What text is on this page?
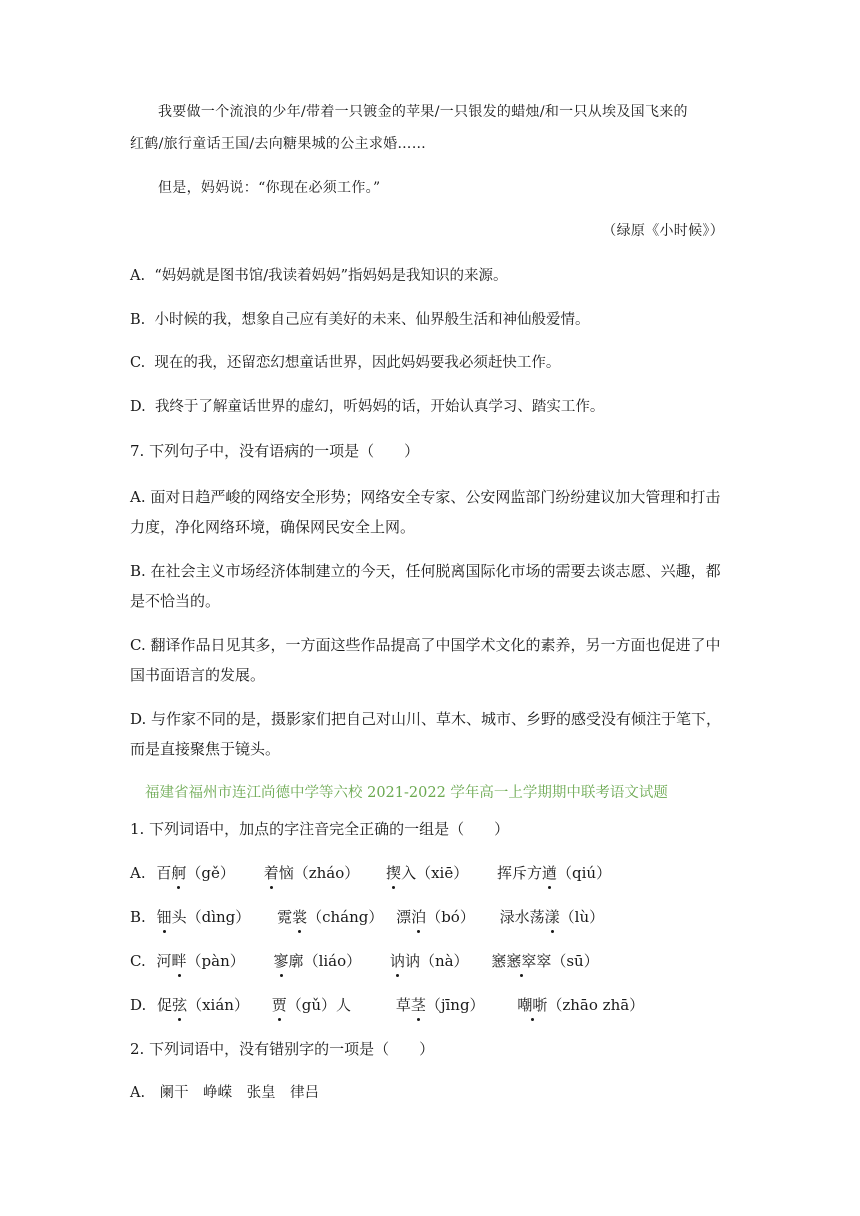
我要做一个流浪的少年/带着一只镀金的苹果/一只银发的蜡烛/和一只从埃及国飞来的
红鹤/旅行童话王国/去向糖果城的公主求婚……
但是，妈妈说：“你现在必须工作。”
（绿原《小时候》）
A. “妈妈就是图书馆/我读着妈妈”指妈妈是我知识的来源。
B. 小时候的我，想象自己应有美好的未来、仙界般生活和神仙般爱情。
C. 现在的我，还留恋幻想童话世界，因此妈妈要我必须赶快工作。
D. 我终于了解童话世界的虚幻，听妈妈的话，开始认真学习、踏实工作。
7. 下列句子中，没有语病的一项是（　　）
A. 面对日趋严峻的网络安全形势；网络安全专家、公安网监部门纷纷建议加大管理和打击
力度，净化网络环境，确保网民安全上网。
B. 在社会主义市场经济体制建立的今天，任何脱离国际化市场的需要去谈志愿、兴趣，都
是不恰当的。
C. 翻译作品日见其多，一方面这些作品提高了中国学术文化的素养，另一方面也促进了中
国书面语言的发展。
D. 与作家不同的是，摄影家们把自己对山川、草木、城市、乡野的感受没有倾注于笔下，
而是直接聚焦于镜头。
福建省福州市连江尚德中学等六校 2021-2022 学年高一上学期期中联考语文试题
1. 下列词语中，加点的字注音完全正确的一组是（　　）
A. 百舸（gě） 着恼（zháo） 揳入（xiē） 挥斥方遒（qiú）
B. 钿头（dìng） 霓裳（cháng） 漂泊（bó） 渌水荡漾（lù）
C. 河畔（pàn） 寥廓（liáo） 讷讷（nà） 窸窸窣窣（sū）
D. 促弦（xián） 贾（gǔ）人	草茎（jīng） 嘲哳（zhāo zhā）
2. 下列词语中，没有错别字的一项是（　　）
A.　阑干　峥嵘　张皇　律吕
